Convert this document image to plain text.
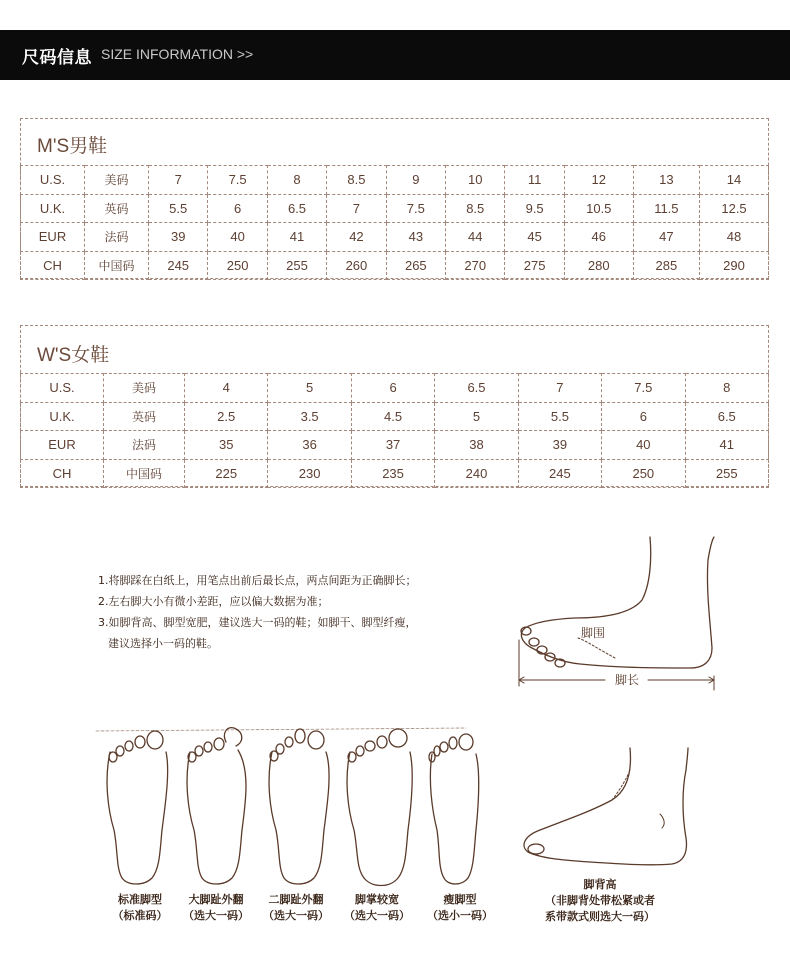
尺码信息 SIZE INFORMATION >>
M'S男鞋
U.S.	美码	7	7.5	8	8.5	9	10	11	12	13	14
U.K.	英码	5.5	6	6.5	7	7.5	8.5	9.5	10.5	11.5	12.5
EUR	法码	39	40	41	42	43	44	45	46	47	48
CH	中国码	245	250	255	260	265	270	275	280	285	290
W'S女鞋
U.S.	美码	4	5	6	6.5	7	7.5	8
U.K.	英码	2.5	3.5	4.5	5	5.5	6	6.5
EUR	法码	35	36	37	38	39	40	41
CH	中国码	225	230	235	240	245	250	255
1.将脚踩在白纸上，用笔点出前后最长点，两点间距为正确脚长；
2.左右脚大小有微小差距，应以偏大数据为准；
3.如脚背高、脚型宽肥，建议选大一码的鞋；如脚干、脚型纤瘦，
建议选择小一码的鞋。
脚围
脚长
标准脚型
（标准码）
大脚趾外翻
（选大一码）
二脚趾外翻
（选大一码）
脚掌较宽
（选大一码）
瘦脚型
（选小一码）
脚背高
（非脚背处带松紧或者
系带款式则选大一码）
